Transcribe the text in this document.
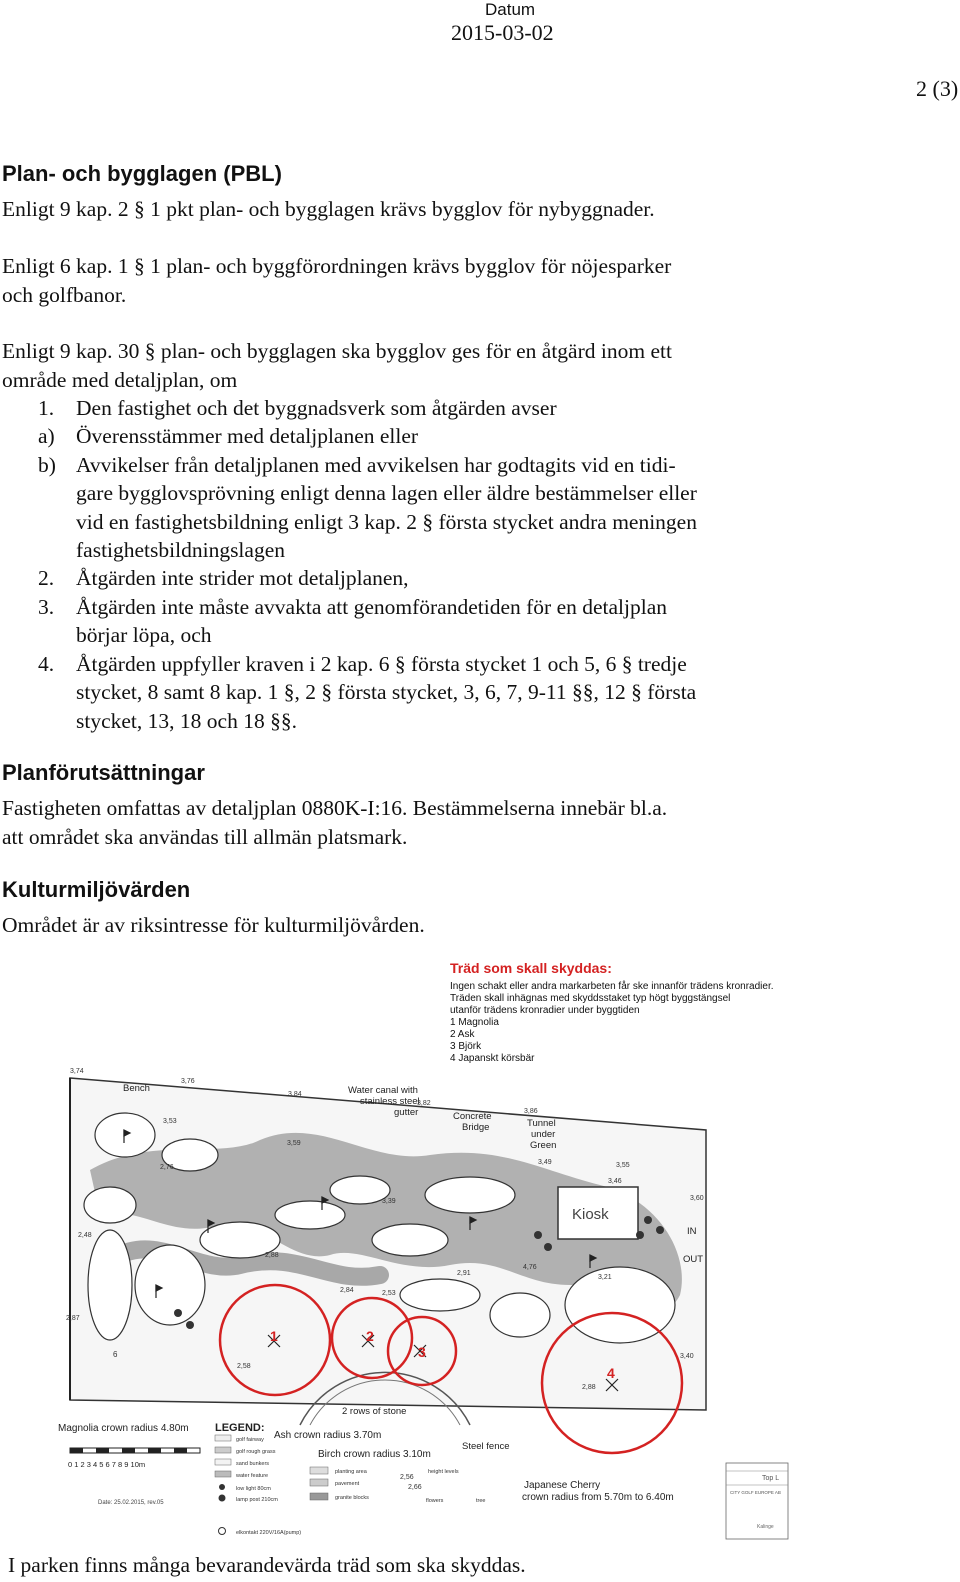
Datum
2015-03-02
2 (3)
Plan- och bygglagen (PBL)
Enligt 9 kap. 2 § 1 pkt plan- och bygglagen krävs bygglov för nybyggnader.
Enligt 6 kap. 1 § 1 plan- och byggförordningen krävs bygglov för nöjesparker
och golfbanor.
Enligt 9 kap. 30 § plan- och bygglagen ska bygglov ges för en åtgärd inom ett
område med detaljplan, om
1. Den fastighet och det byggnadsverk som åtgärden avser
a) Överensstämmer med detaljplanen eller
b) Avvikelser från detaljplanen med avvikelsen har godtagits vid en tidi-
gare bygglovsprövning enligt denna lagen eller äldre bestämmelser eller
vid en fastighetsbildning enligt 3 kap. 2 § första stycket andra meningen
fastighetsbildningslagen
2. Åtgärden inte strider mot detaljplanen,
3. Åtgärden inte måste avvakta att genomförandetiden för en detaljplan
börjar löpa, och
4. Åtgärden uppfyller kraven i 2 kap. 6 § första stycket 1 och 5, 6 § tredje
stycket, 8 samt 8 kap. 1 §, 2 § första stycket, 3, 6, 7, 9-11 §§, 12 § första
stycket, 13, 18 och 18 §§.
Planförutsättningar
Fastigheten omfattas av detaljplan 0880K-I:16. Bestämmelserna innebär bl.a.
att området ska användas till allmän platsmark.
Kulturmiljövärden
Området är av riksintresse för kulturmiljövården.
Träd som skall skyddas:
Ingen schakt eller andra markarbeten får ske innanför trädens kronradier.
Träden skall inhägnas med skyddsstaket typ högt byggstängsel
utanför trädens kronradier under byggtiden
1 Magnolia
2 Ask
3 Björk
4 Japanskt körsbär
Kiosk
Bench	Water canal with
stainless steel
gutter	Concrete
Bridge	Tunnel
under
Green
IN
OUT
2 rows of stone
Steel fence
Magnolia crown radius 4.80m
Ash crown radius 3.70m
Birch crown radius 3.10m
Japanese Cherry
crown radius from 5.70m to 6.40m
3,74
3,76
3,84
3,82
3,86
3,53
3,59
2,76
3,49	3,55
3,46
3,60
2,48
3,39
2,88
2,66
2,56
2,58
2,87
2,53
2,84
3,40
3,21
2,91
2,88
6
4,76
1	2
3
4
LEGEND:
golf fairway
golf rough grass
sand bunkers
water feature
low light 80cm
lamp post 210cm
planting area
pavement
granite blocks
height levels
flowers	tree
elkontakt 220V/16A(pump)
0 1 2 3 4 5 6 7 8 9 10m
Date: 25.02.2015, rev.05
Top L
CITY GOLF EUROPE AB
Kalinge
I parken finns många bevarandevärda träd som ska skyddas.
